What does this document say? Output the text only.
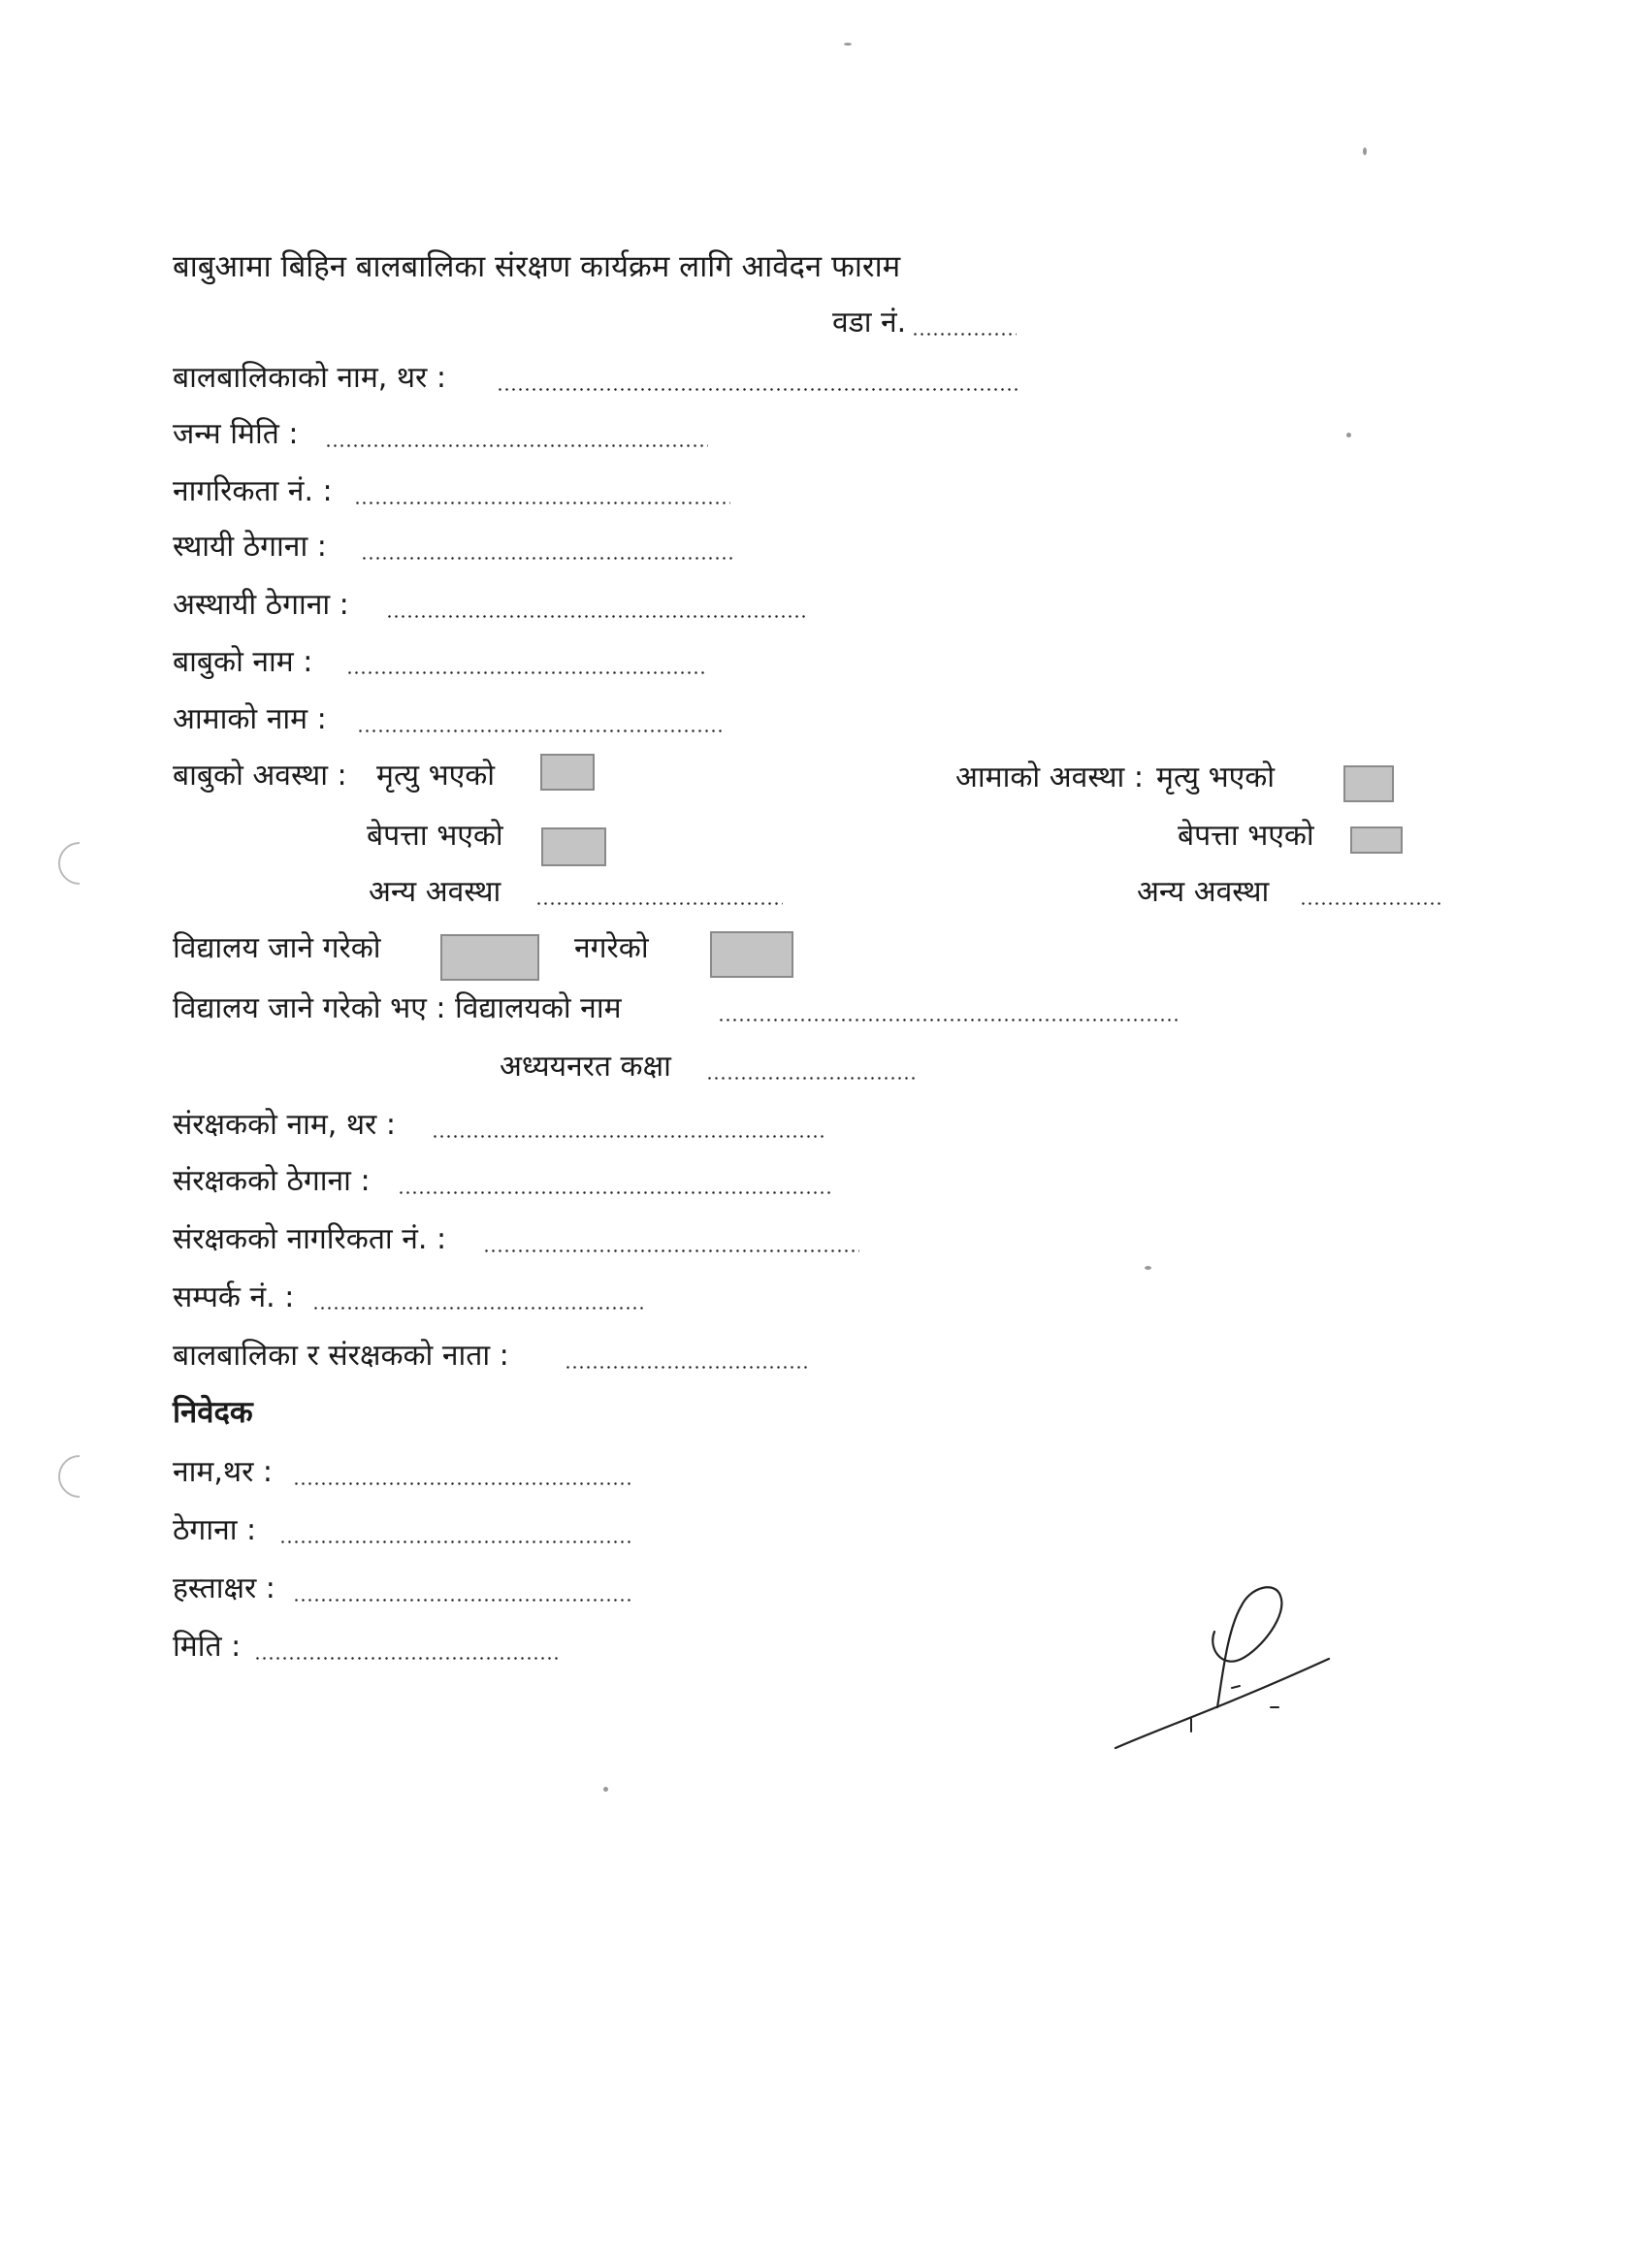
बाबुआमा बिहिन बालबालिका संरक्षण कार्यक्रम लागि आवेदन फाराम
वडा नं.
बालबालिकाको नाम, थर :
जन्म मिति :
नागरिकता नं. :
स्थायी ठेगाना :
अस्थायी ठेगाना :
बाबुको नाम :
आमाको नाम :
बाबुको अवस्था : मृत्यु भएको
बेपत्ता भएको
अन्य अवस्था
आमाको अवस्था : मृत्यु भएको
बेपत्ता भएको
अन्य अवस्था
विद्यालय जाने गरेको	नगरेको
विद्यालय जाने गरेको भए : विद्यालयको नाम
अध्ययनरत कक्षा
संरक्षकको नाम, थर :
संरक्षकको ठेगाना :
संरक्षकको नागरिकता नं. :
सम्पर्क नं. :
बालबालिका र संरक्षकको नाता :
निवेदक
नाम,थर :
ठेगाना :
हस्ताक्षर :
मिति :
